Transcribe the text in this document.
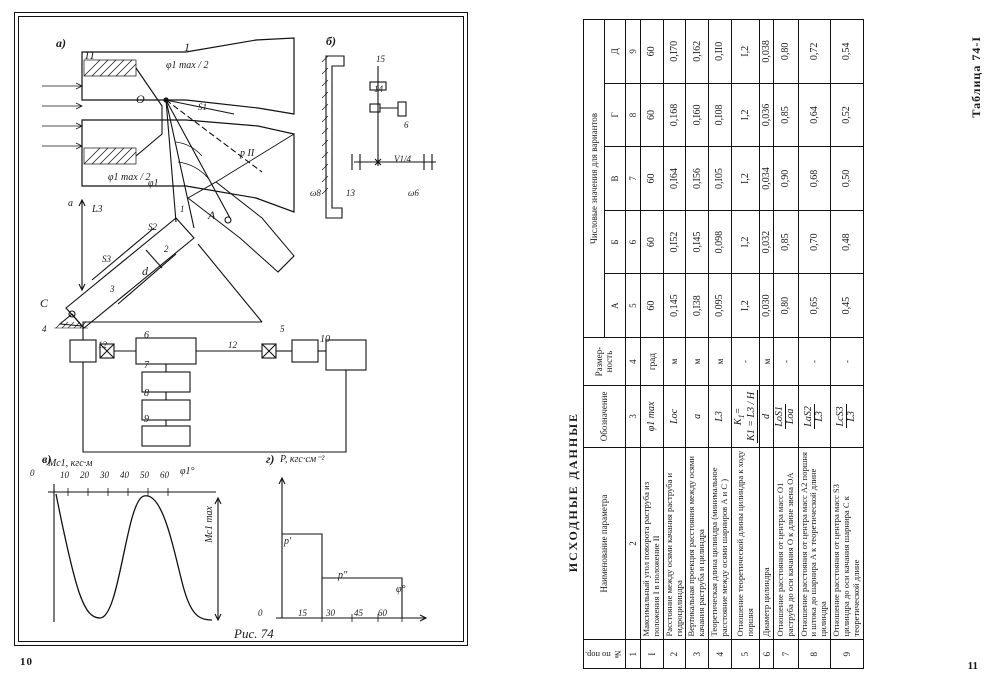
а)	б)
в)	г)
11
1
O
A
C
d
S2
S3
S1
φ1 max / 2
φ1 max / 2
φ1
p II
а
L3	1
2
3
4	5
6
7
8
9
10
12	12
15
14
6
13
ω8	ω6
V1/4
Мс1, кгс·м
0	10 20 30 40 50 60 φ1°
Мс1 max
P, кгс·см⁻²
p′
p″
0	15 30 45 60
φ°
Рис. 74
10
Таблица 74-I
ИСХОДНЫЕ ДАННЫЕ
№ по пор.	Наименование параметра	Обозначение	Размер-ность	Числовые значения для вариантов				
				А	Б	В	Г	Д
1	2	3	4	5	6	7	8	9
I	Максимальный угол поворота раструба из положения I в положение II	φ1 max	град	60	60	60	60	60
2	Расстояние между осями качания раструба и гидроцилиндра	Lос	м	0,145	0,I52	0,I64	0,168	0,I70
3	Вертикальная проекция расстояния между осями качания раструба и цилиндра	а	м	0,I38	0,I45	0,I56	0,I60	0,I62
4	Теоретическая длина цилиндра (минимальное расстояние между осями шарниров А и С )	L3	м	0,095	0,098	0,I05	0,I08	0,II0
5	Отношение теоретической длины цилиндра к ходу поршня	$K_1= K1 = L3 / H$	-	I,2	I,2	I,2	I,2	I,2
6	Диаметр цилиндра	d	м	0,030	0,032	0,034	0,036	0,038
7	Отношение расстояния от центра масс O1 раструба до оси качания O к длине звена OA	LoS1 Lоа	-	0,80	0,85	0,90	0,85	0,80
8	Отношение расстояния от центра масс A2 поршня и штока до шарнира А к теоретической длине цилиндра	LaS2 L3	-	0,65	0,70	0,68	0,64	0,72
9	Отношение расстояния от центра масс S3 цилиндра до оси качания шарнира С к теоретической длине	LcS3 L3	-	0,45	0,48	0,50	0,52	0,54
11
